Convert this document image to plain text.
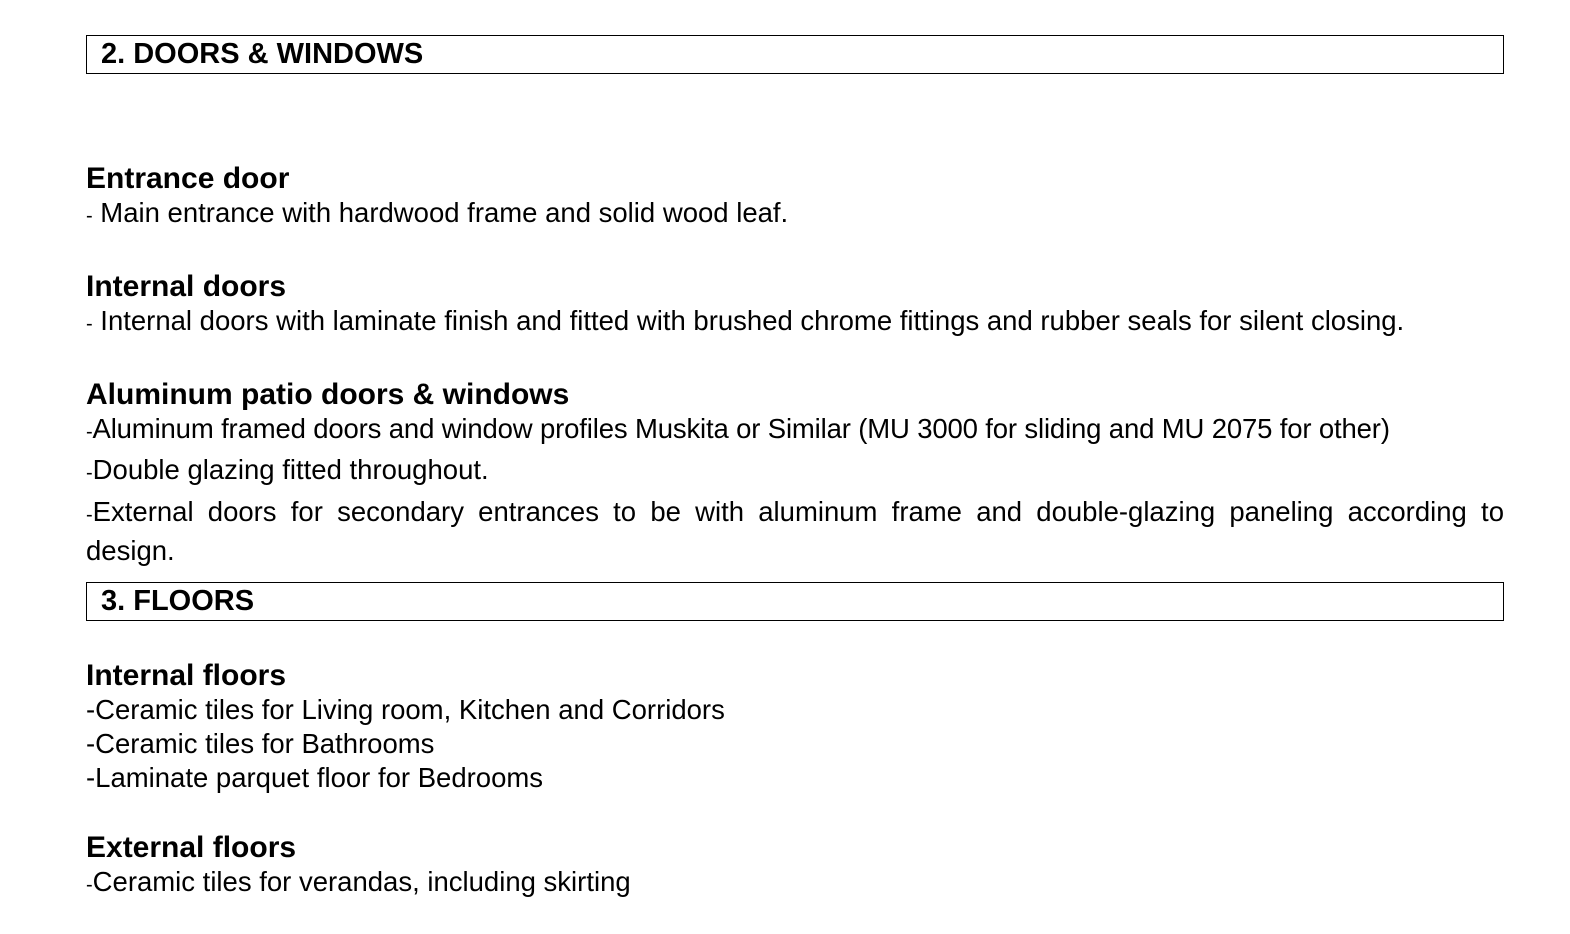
2. DOORS & WINDOWS
Entrance door
- Main entrance with hardwood frame and solid wood leaf.
Internal doors
- Internal doors with laminate finish and fitted with brushed chrome fittings and rubber seals for silent closing.
Aluminum patio doors & windows
-Aluminum framed doors and window profiles Muskita or Similar (MU 3000 for sliding and MU 2075 for other)
-Double glazing fitted throughout.
-External doors for secondary entrances to be with aluminum frame and double-glazing paneling according to design.
3. FLOORS
Internal floors
-Ceramic tiles for Living room, Kitchen and Corridors
-Ceramic tiles for Bathrooms
-Laminate parquet floor for Bedrooms
External floors
-Ceramic tiles for verandas, including skirting
